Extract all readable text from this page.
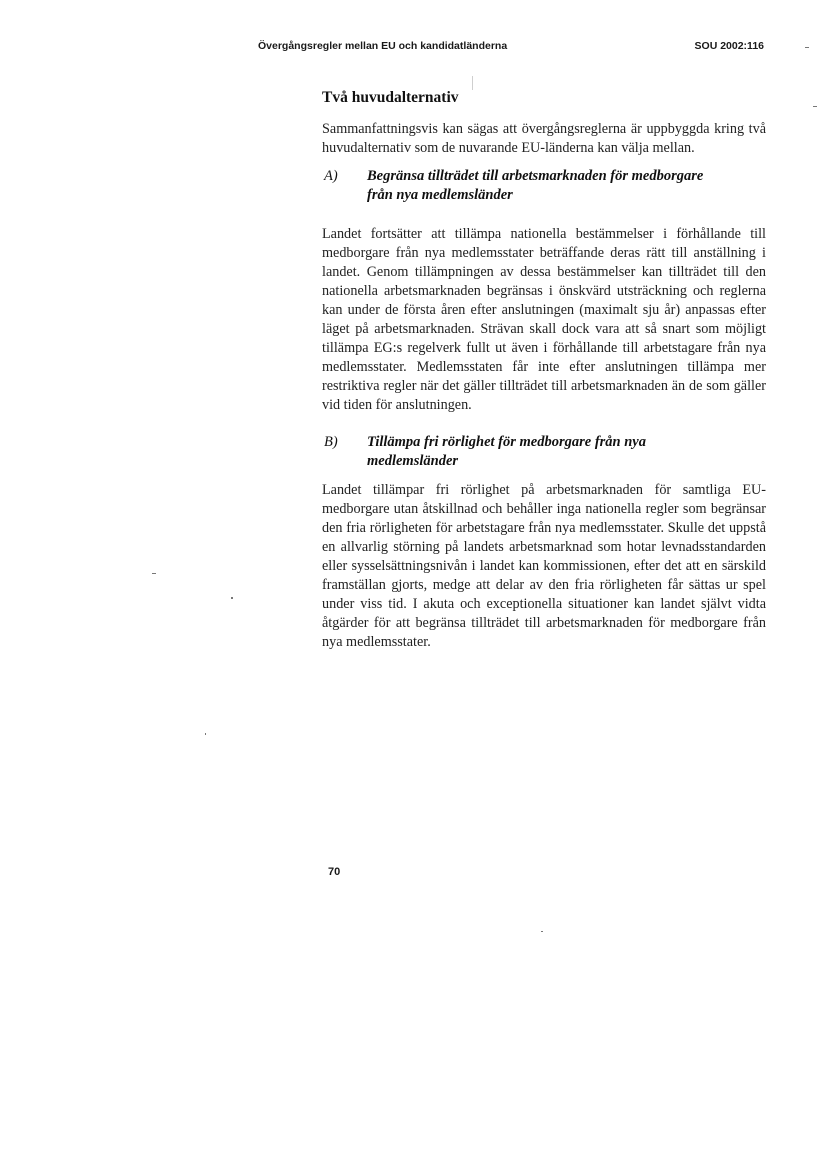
Övergångsregler mellan EU och kandidatländerna	SOU 2002:116
Två huvudalternativ

Sammanfattningsvis kan sägas att övergångsreglerna är uppbyggda kring två huvudalternativ som de nuvarande EU-länderna kan välja mellan.

A) Begränsa tillträdet till arbetsmarknaden för medborgare från nya medlemsländer

Landet fortsätter att tillämpa nationella bestämmelser i förhållande till medborgare från nya medlemsstater beträffande deras rätt till anställning i landet. Genom tillämpningen av dessa bestämmelser kan tillträdet till den nationella arbetsmarknaden begränsas i önskvärd utsträckning och reglerna kan under de första åren efter anslutningen (maximalt sju år) anpassas efter läget på arbetsmarknaden. Strävan skall dock vara att så snart som möjligt tillämpa EG:s regelverk fullt ut även i förhållande till arbetstagare från nya medlemsstater. Medlemsstaten får inte efter anslutningen tillämpa mer restriktiva regler när det gäller tillträdet till arbetsmarknaden än de som gäller vid tiden för anslutningen.

B) Tillämpa fri rörlighet för medborgare från nya medlemsländer

Landet tillämpar fri rörlighet på arbetsmarknaden för samtliga EU-medborgare utan åtskillnad och behåller inga nationella regler som begränsar den fria rörligheten för arbetstagare från nya medlemsstater. Skulle det uppstå en allvarlig störning på landets arbetsmarknad som hotar levnadsstandarden eller sysselsättningsnivån i landet kan kommissionen, efter det att en särskild framställan gjorts, medge att delar av den fria rörligheten får sättas ur spel under viss tid. I akuta och exceptionella situationer kan landet självt vidta åtgärder för att begränsa tillträdet till arbetsmarknaden för medborgare från nya medlemsstater.

70
